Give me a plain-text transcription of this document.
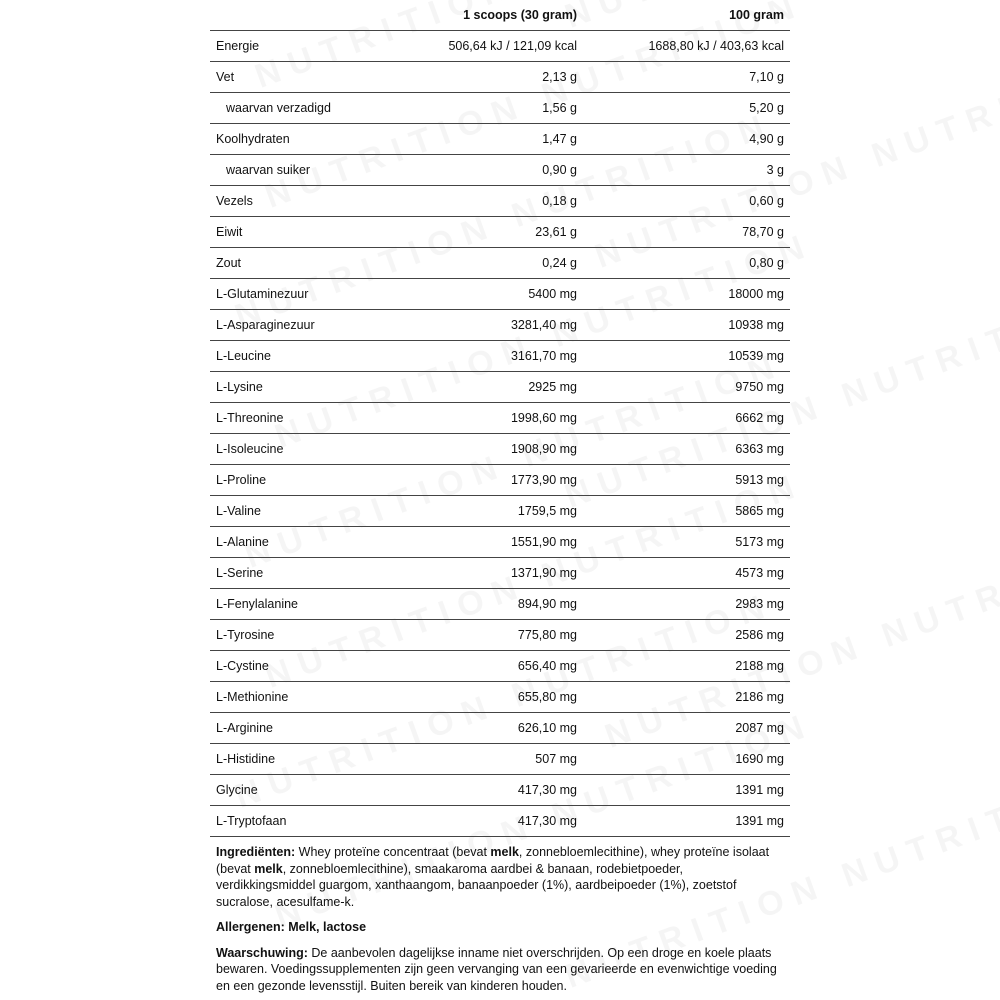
	1 scoops (30 gram)	100 gram
Energie	506,64 kJ / 121,09 kcal	1688,80 kJ / 403,63 kcal
Vet	2,13 g	7,10 g
waarvan verzadigd	1,56 g	5,20 g
Koolhydraten	1,47 g	4,90 g
waarvan suiker	0,90 g	3 g
Vezels	0,18 g	0,60 g
Eiwit	23,61 g	78,70 g
Zout	0,24 g	0,80 g
L-Glutaminezuur	5400 mg	18000 mg
L-Asparaginezuur	3281,40 mg	10938 mg
L-Leucine	3161,70 mg	10539 mg
L-Lysine	2925 mg	9750 mg
L-Threonine	1998,60 mg	6662 mg
L-Isoleucine	1908,90 mg	6363 mg
L-Proline	1773,90 mg	5913 mg
L-Valine	1759,5 mg	5865 mg
L-Alanine	1551,90 mg	5173 mg
L-Serine	1371,90 mg	4573 mg
L-Fenylalanine	894,90 mg	2983 mg
L-Tyrosine	775,80 mg	2586 mg
L-Cystine	656,40 mg	2188 mg
L-Methionine	655,80 mg	2186 mg
L-Arginine	626,10 mg	2087 mg
L-Histidine	507 mg	1690 mg
Glycine	417,30 mg	1391 mg
L-Tryptofaan	417,30 mg	1391 mg

Ingrediënten: Whey proteïne concentraat (bevat melk, zonnebloemlecithine), whey proteïne isolaat (bevat melk, zonnebloemlecithine), smaakaroma aardbei & banaan, rodebietpoeder, verdikkingsmiddel guargom, xanthaangom, banaanpoeder (1%), aardbeipoeder (1%), zoetstof sucralose, acesulfame-k.

Allergenen: Melk, lactose

Waarschuwing: De aanbevolen dagelijkse inname niet overschrijden. Op een droge en koele plaats bewaren. Voedingssupplementen zijn geen vervanging van een gevarieerde en evenwichtige voeding en een gezonde levensstijl. Buiten bereik van kinderen houden.
